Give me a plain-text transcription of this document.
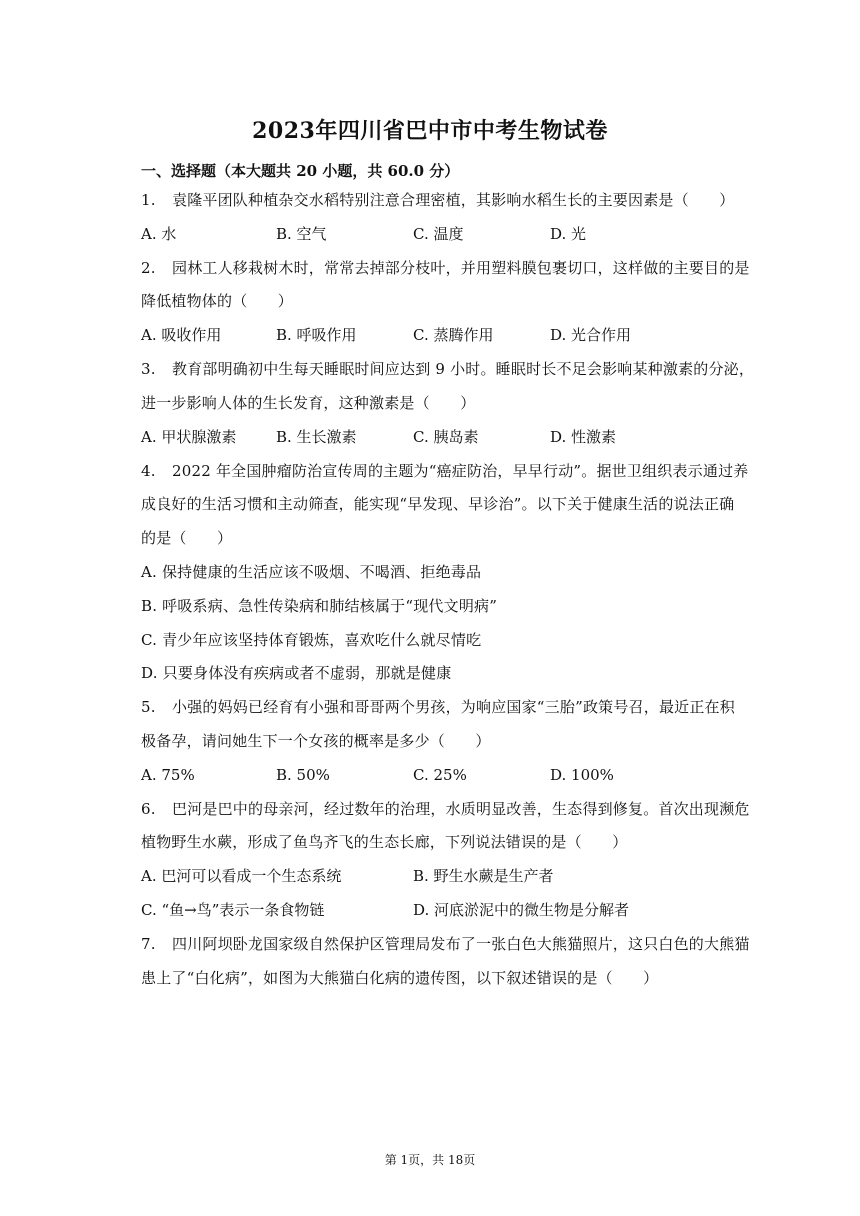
2023年四川省巴中市中考生物试卷
一、选择题（本大题共 20 小题，共 60.0 分）
1. 袁隆平团队种植杂交水稻特别注意合理密植，其影响水稻生长的主要因素是（　　）
A. 水	B. 空气	C. 温度	D. 光
2. 园林工人移栽树木时，常常去掉部分枝叶，并用塑料膜包裹切口，这样做的主要目的是
降低植物体的（　　）
A. 吸收作用	B. 呼吸作用	C. 蒸腾作用	D. 光合作用
3. 教育部明确初中生每天睡眠时间应达到 9 小时。睡眠时长不足会影响某种激素的分泌，
进一步影响人体的生长发育，这种激素是（　　）
A. 甲状腺激素	B. 生长激素	C. 胰岛素	D. 性激素
4. 2022 年全国肿瘤防治宣传周的主题为“癌症防治，早早行动”。据世卫组织表示通过养
成良好的生活习惯和主动筛查，能实现“早发现、早诊治”。以下关于健康生活的说法正确
的是（　　）
A. 保持健康的生活应该不吸烟、不喝酒、拒绝毒品
B. 呼吸系病、急性传染病和肺结核属于“现代文明病”
C. 青少年应该坚持体育锻炼，喜欢吃什么就尽情吃
D. 只要身体没有疾病或者不虚弱，那就是健康
5. 小强的妈妈已经育有小强和哥哥两个男孩，为响应国家“三胎”政策号召，最近正在积
极备孕，请问她生下一个女孩的概率是多少（　　）
A. 75%	B. 50%	C. 25%	D. 100%
6. 巴河是巴中的母亲河，经过数年的治理，水质明显改善，生态得到修复。首次出现濒危
植物野生水蕨，形成了鱼鸟齐飞的生态长廊，下列说法错误的是（　　）
A. 巴河可以看成一个生态系统	B. 野生水蕨是生产者
C. “鱼→鸟”表示一条食物链	D. 河底淤泥中的微生物是分解者
7. 四川阿坝卧龙国家级自然保护区管理局发布了一张白色大熊猫照片，这只白色的大熊猫
患上了“白化病”，如图为大熊猫白化病的遗传图，以下叙述错误的是（　　）
第 1页，共 18页
